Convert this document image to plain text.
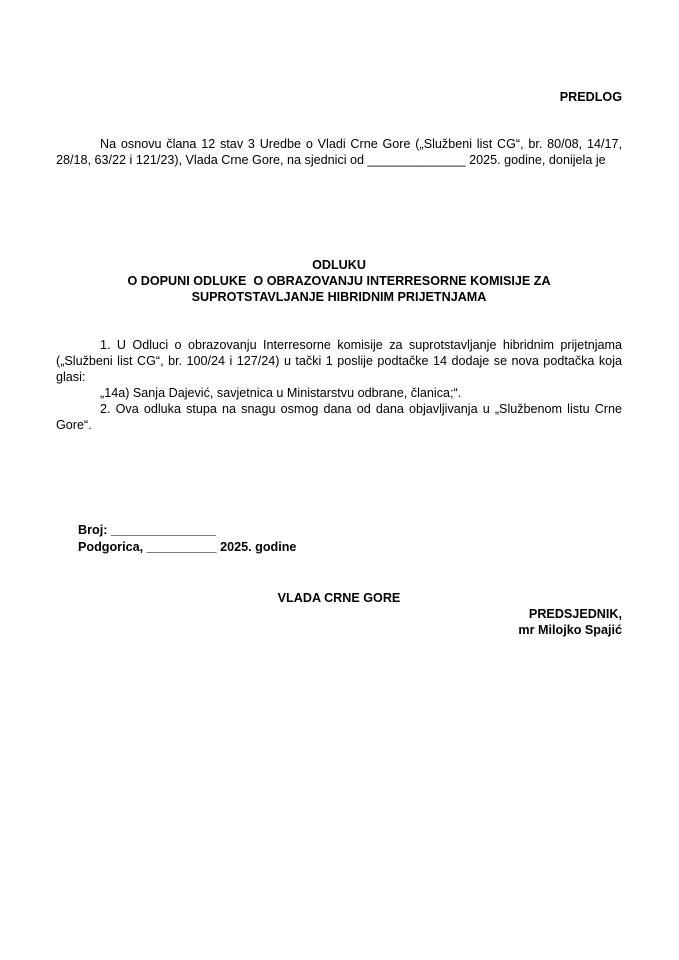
PREDLOG

Na osnovu člana 12 stav 3 Uredbe o Vladi Crne Gore („Službeni list CG“, br. 80/08, 14/17, 28/18, 63/22 i 121/23), Vlada Crne Gore, na sjednici od ______________ 2025. godine, donijela je

ODLUKU
O DOPUNI ODLUKE  O OBRAZOVANJU INTERRESORNE KOMISIJE ZA
SUPROTSTAVLJANJE HIBRIDNIM PRIJETNJAMA

1. U Odluci o obrazovanju Interresorne komisije za suprotstavljanje hibridnim prijetnjama („Službeni list CG“, br. 100/24 i 127/24) u tački 1 poslije podtačke 14 dodaje se nova podtačka koja glasi:

„14a) Sanja Dajević, savjetnica u Ministarstvu odbrane, članica;“.

2. Ova odluka stupa na snagu osmog dana od dana objavljivanja u „Službenom listu Crne Gore“.

Broj: _______________
Podgorica, __________ 2025. godine
VLADA CRNE GORE
PREDSJEDNIK,
mr Milojko Spajić
